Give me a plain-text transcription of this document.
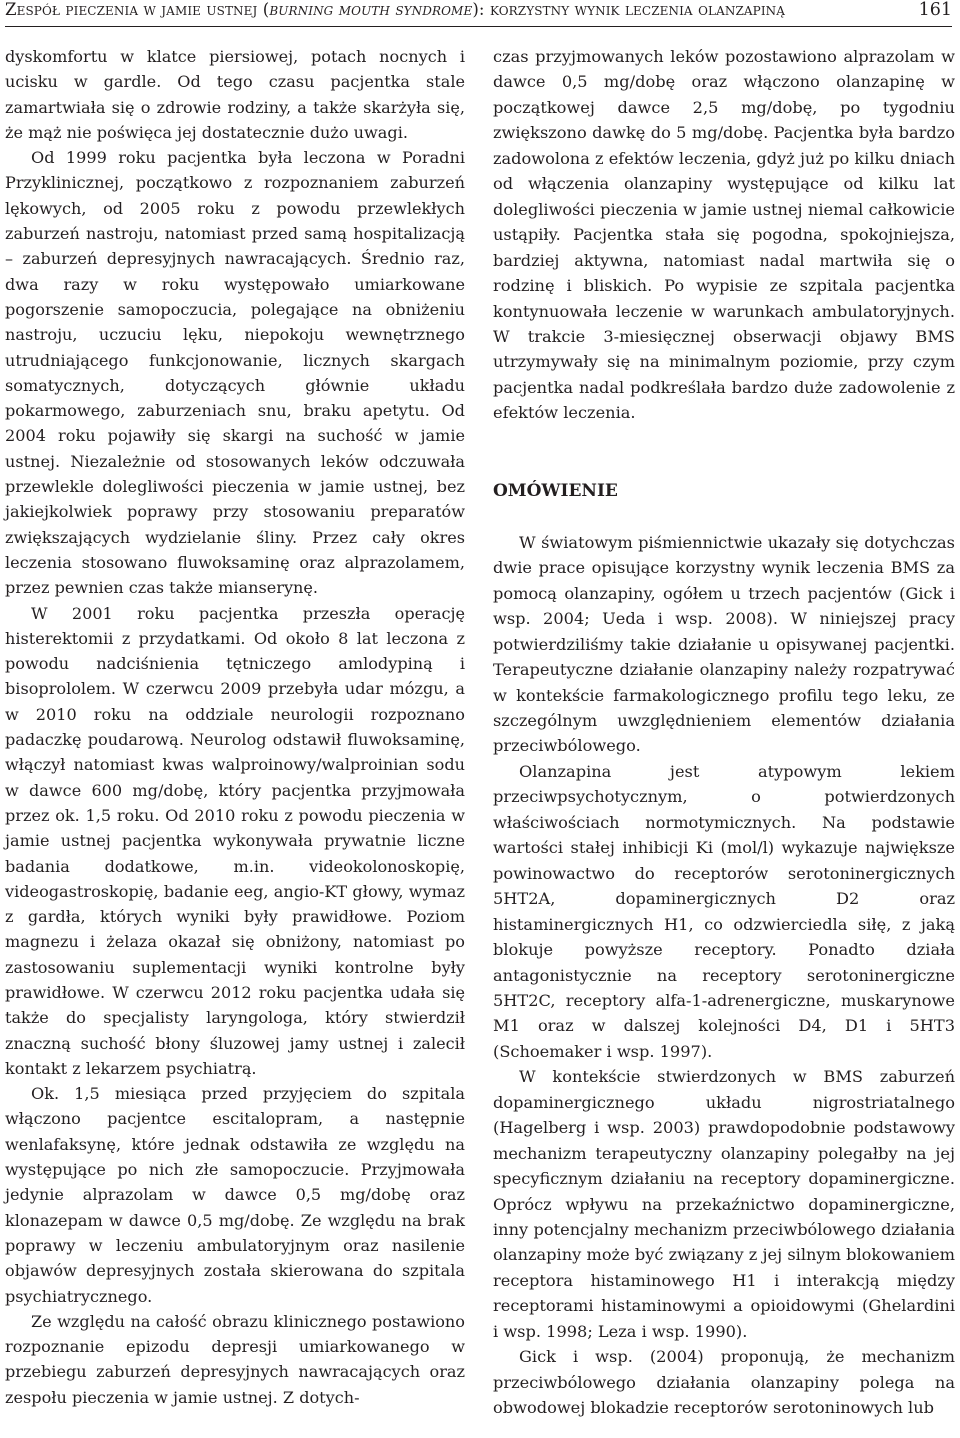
Zespół pieczenia w jamie ustnej (burning mouth syndrome): korzystny wynik leczenia olanzapiną	161

dyskomfortu w klatce piersiowej, potach nocnych i ucisku w gardle. Od tego czasu pacjentka stale zamartwiała się o zdrowie rodziny, a także skarżyła się, że mąż nie poświęca jej dostatecznie dużo uwagi.

Od 1999 roku pacjentka była leczona w Poradni Przyklinicznej, początkowo z rozpoznaniem zaburzeń lękowych, od 2005 roku z powodu przewlekłych zaburzeń nastroju, natomiast przed samą hospitalizacją – zaburzeń depresyjnych nawracających. Średnio raz, dwa razy w roku występowało umiarkowane pogorszenie samopoczucia, polegające na obniżeniu nastroju, uczuciu lęku, niepokoju wewnętrznego utrudniającego funkcjonowanie, licznych skargach somatycznych, dotyczących głównie układu pokarmowego, zaburzeniach snu, braku apetytu. Od 2004 roku pojawiły się skargi na suchość w jamie ustnej. Niezależnie od stosowanych leków odczuwała przewlekle dolegliwości pieczenia w jamie ustnej, bez jakiejkolwiek poprawy przy stosowaniu preparatów zwiększających wydzielanie śliny. Przez cały okres leczenia stosowano fluwoksaminę oraz alprazolamem, przez pewnien czas także mianserynę.

W 2001 roku pacjentka przeszła operację histerektomii z przydatkami. Od około 8 lat leczona z powodu nadciśnienia tętniczego amlodypiną i bisoprololem. W czerwcu 2009 przebyła udar mózgu, a w 2010 roku na oddziale neurologii rozpoznano padaczkę poudarową. Neurolog odstawił fluwoksaminę, włączył natomiast kwas walproinowy/walproinian sodu w dawce 600 mg/dobę, który pacjentka przyjmowała przez ok. 1,5 roku. Od 2010 roku z powodu pieczenia w jamie ustnej pacjentka wykonywała prywatnie liczne badania dodatkowe, m.in. videokolonoskopię, videogastroskopię, badanie eeg, angio-KT głowy, wymaz z gardła, których wyniki były prawidłowe. Poziom magnezu i żelaza okazał się obniżony, natomiast po zastosowaniu suplementacji wyniki kontrolne były prawidłowe. W czerwcu 2012 roku pacjentka udała się także do specjalisty laryngologa, który stwierdził znaczną suchość błony śluzowej jamy ustnej i zalecił kontakt z lekarzem psychiatrą.

Ok. 1,5 miesiąca przed przyjęciem do szpitala włączono pacjentce escitalopram, a następnie wenlafaksynę, które jednak odstawiła ze względu na występujące po nich złe samopoczucie. Przyjmowała jedynie alprazolam w dawce 0,5 mg/dobę oraz klonazepam w dawce 0,5 mg/dobę. Ze względu na brak poprawy w leczeniu ambulatoryjnym oraz nasilenie objawów depresyjnych została skierowana do szpitala psychiatrycznego.

Ze względu na całość obrazu klinicznego postawiono rozpoznanie epizodu depresji umiarkowanego w przebiegu zaburzeń depresyjnych nawracających oraz zespołu pieczenia w jamie ustnej. Z dotych-

czas przyjmowanych leków pozostawiono alprazolam w dawce 0,5 mg/dobę oraz włączono olanzapinę w początkowej dawce 2,5 mg/dobę, po tygodniu zwiększono dawkę do 5 mg/dobę. Pacjentka była bardzo zadowolona z efektów leczenia, gdyż już po kilku dniach od włączenia olanzapiny występujące od kilku lat dolegliwości pieczenia w jamie ustnej niemal całkowicie ustąpiły. Pacjentka stała się pogodna, spokojniejsza, bardziej aktywna, natomiast nadal martwiła się o rodzinę i bliskich. Po wypisie ze szpitala pacjentka kontynuowała leczenie w warunkach ambulatoryjnych. W trakcie 3-miesięcznej obserwacji objawy BMS utrzymywały się na minimalnym poziomie, przy czym pacjentka nadal podkreślała bardzo duże zadowolenie z efektów leczenia.

OMÓWIENIE

W światowym piśmiennictwie ukazały się dotychczas dwie prace opisujące korzystny wynik leczenia BMS za pomocą olanzapiny, ogółem u trzech pacjentów (Gick i wsp. 2004; Ueda i wsp. 2008). W niniejszej pracy potwierdziliśmy takie działanie u opisywanej pacjentki. Terapeutyczne działanie olanzapiny należy rozpatrywać w kontekście farmakologicznego profilu tego leku, ze szczególnym uwzględnieniem elementów działania przeciwbólowego.

Olanzapina jest atypowym lekiem przeciwpsychotycznym, o potwierdzonych właściwościach normotymicznych. Na podstawie wartości stałej inhibicji Ki (mol/l) wykazuje największe powinowactwo do receptorów serotoninergicznych 5HT2A, dopaminergicznych D2 oraz histaminergicznych H1, co odzwierciedla siłę, z jaką blokuje powyższe receptory. Ponadto działa antagonistycznie na receptory serotoninergiczne 5HT2C, receptory alfa-1-adrenergiczne, muskarynowe M1 oraz w dalszej kolejności D4, D1 i 5HT3 (Schoemaker i wsp. 1997).

W kontekście stwierdzonych w BMS zaburzeń dopaminergicznego układu nigrostriatalnego (Hagelberg i wsp. 2003) prawdopodobnie podstawowy mechanizm terapeutyczny olanzapiny polegałby na jej specyficznym działaniu na receptory dopaminergiczne. Oprócz wpływu na przekaźnictwo dopaminergiczne, inny potencjalny mechanizm przeciwbólowego działania olanzapiny może być związany z jej silnym blokowaniem receptora histaminowego H1 i interakcją między receptorami histaminowymi a opioidowymi (Ghelardini i wsp. 1998; Leza i wsp. 1990).

Gick i wsp. (2004) proponują, że mechanizm przeciwbólowego działania olanzapiny polega na obwodowej blokadzie receptorów serotoninowych lub
